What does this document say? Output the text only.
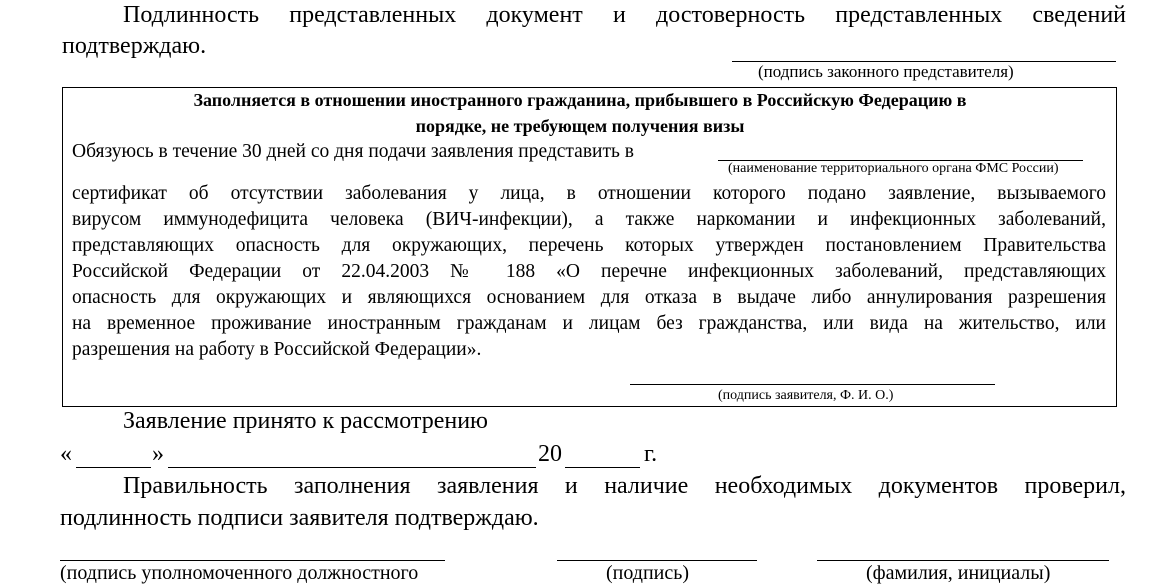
Подлинность представленных документ и достоверность представленных сведений
подтверждаю.
(подпись законного представителя)
Заполняется в отношении иностранного гражданина, прибывшего в Российскую Федерацию в
порядке, не требующем получения визы
Обязуюсь в течение 30 дней со дня подачи заявления представить в
(наименование территориального органа ФМС России)
сертификат об отсутствии заболевания у лица, в отношении которого подано заявление, вызываемого
вирусом иммунодефицита человека (ВИЧ-инфекции), а также наркомании и инфекционных заболеваний,
представляющих опасность для окружающих, перечень которых утвержден постановлением Правительства
Российской Федерации от 22.04.2003 № 188 «О перечне инфекционных заболеваний, представляющих
опасность для окружающих и являющихся основанием для отказа в выдаче либо аннулирования разрешения
на временное проживание иностранным гражданам и лицам без гражданства, или вида на жительство, или
разрешения на работу в Российской Федерации».
(подпись заявителя, Ф. И. О.)
Заявление принято к рассмотрению
«	»	20	г.
Правильность заполнения заявления и наличие необходимых документов проверил,
подлинность подписи заявителя подтверждаю.
(подпись уполномоченного должностного	(подпись)	(фамилия, инициалы)
